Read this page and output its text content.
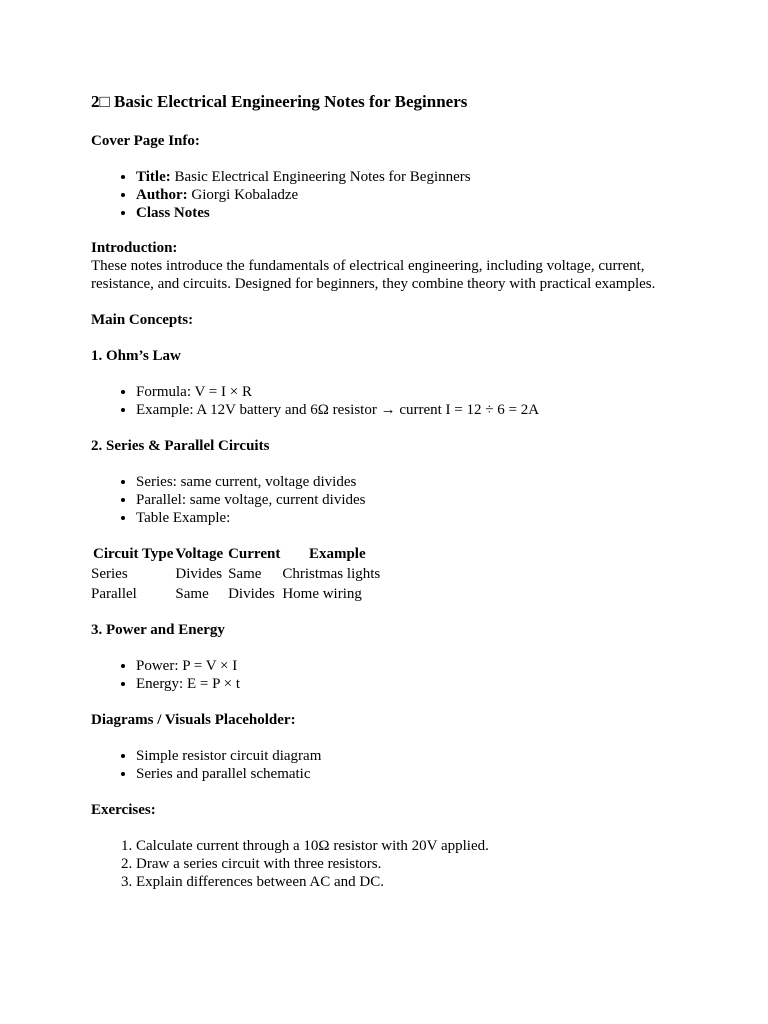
2□ Basic Electrical Engineering Notes for Beginners

Cover Page Info:

• Title: Basic Electrical Engineering Notes for Beginners
• Author: Giorgi Kobaladze
• Class Notes

Introduction:

These notes introduce the fundamentals of electrical engineering, including voltage, current, resistance, and circuits. Designed for beginners, they combine theory with practical examples.

Main Concepts:

1. Ohm’s Law

• Formula: V = I × R
• Example: A 12V battery and 6Ω resistor → current I = 12 ÷ 6 = 2A

2. Series & Parallel Circuits

• Series: same current, voltage divides
• Parallel: same voltage, current divides
• Table Example:
Circuit Type	Voltage	Current	Example
Series	Divides	Same	Christmas lights
Parallel	Same	Divides	Home wiring

3. Power and Energy

• Power: P = V × I
• Energy: E = P × t

Diagrams / Visuals Placeholder:

• Simple resistor circuit diagram
• Series and parallel schematic

Exercises:

1. Calculate current through a 10Ω resistor with 20V applied.
2. Draw a series circuit with three resistors.
3. Explain differences between AC and DC.
